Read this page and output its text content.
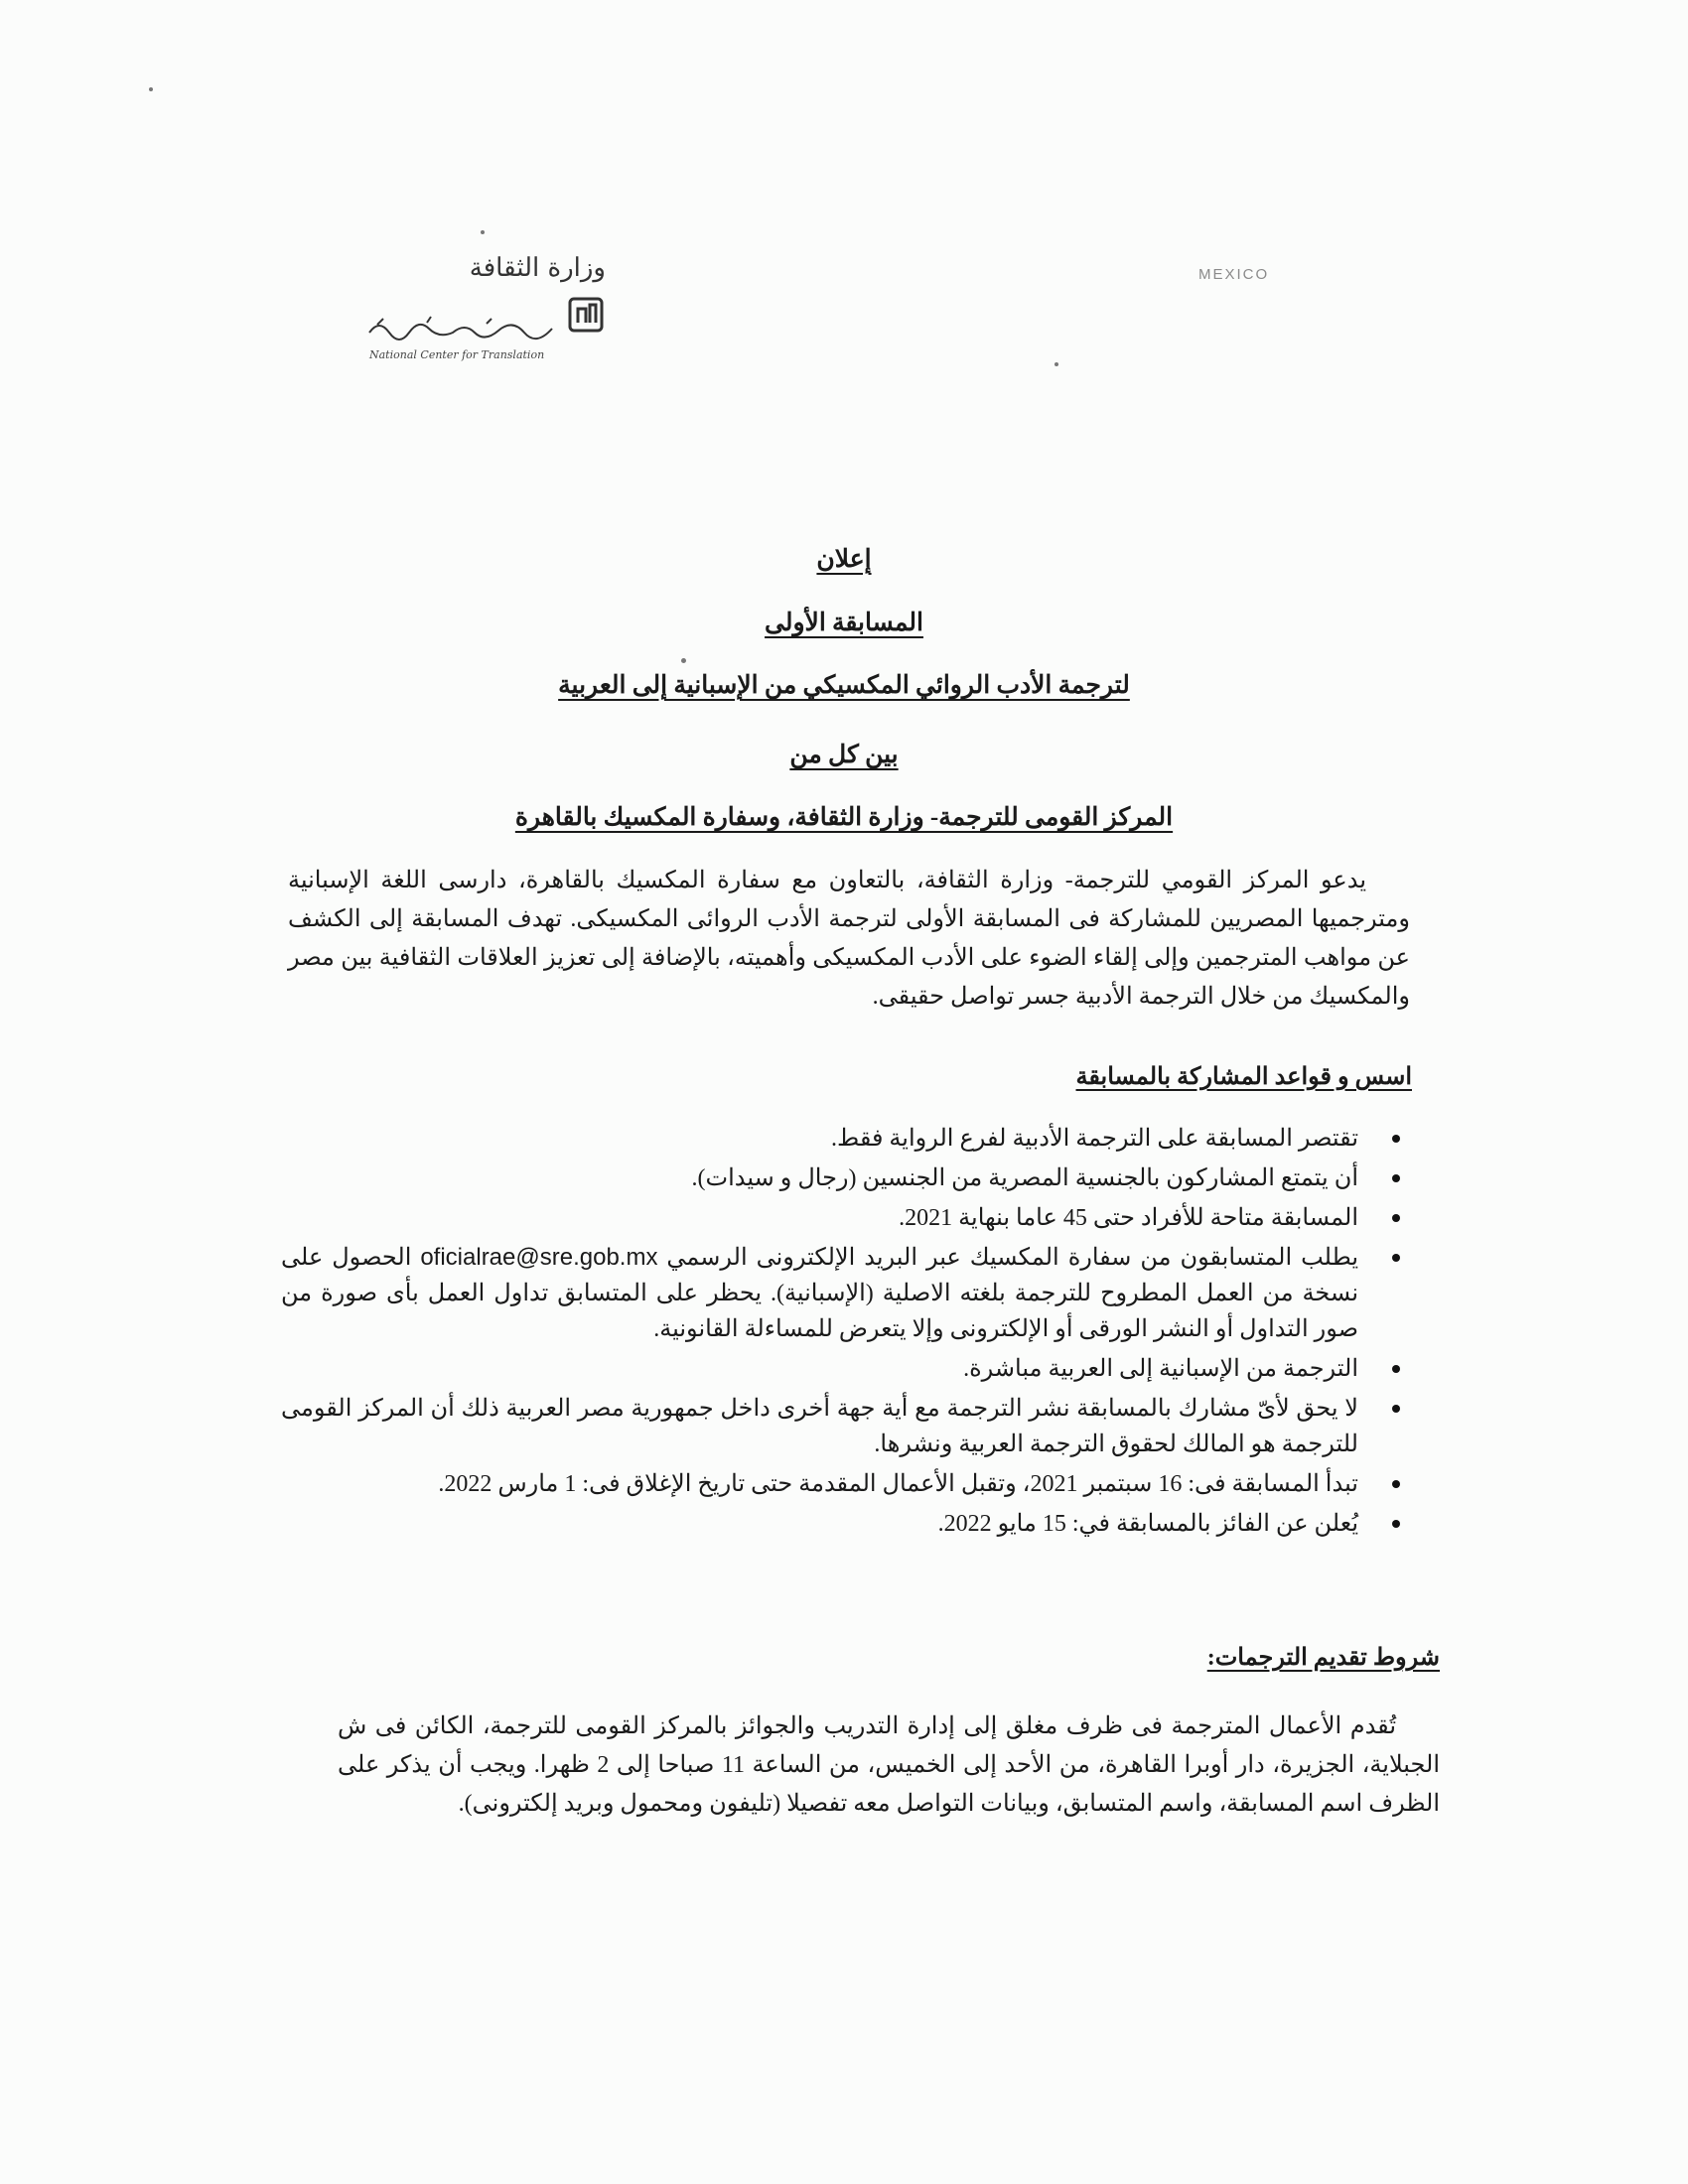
وزارة الثقافة
National Center for Translation
MEXICO
إعلان
المسابقة الأولى
لترجمة الأدب الروائي المكسيكي من الإسبانية إلى العربية
بين كل من
المركز القومى للترجمة- وزارة الثقافة، وسفارة المكسيك بالقاهرة

يدعو المركز القومي للترجمة- وزارة الثقافة، بالتعاون مع سفارة المكسيك بالقاهرة، دارسى اللغة الإسبانية ومترجميها المصريين للمشاركة فى المسابقة الأولى لترجمة الأدب الروائى المكسيكى. تهدف المسابقة إلى الكشف عن مواهب المترجمين وإلى إلقاء الضوء على الأدب المكسيكى وأهميته، بالإضافة إلى تعزيز العلاقات الثقافية بين مصر والمكسيك من خلال الترجمة الأدبية جسر تواصل حقيقى.

اسس و قواعد المشاركة بالمسابقة
تقتصر المسابقة على الترجمة الأدبية لفرع الرواية فقط.
أن يتمتع المشاركون بالجنسية المصرية من الجنسين (رجال و سيدات).
المسابقة متاحة للأفراد حتى 45 عاما بنهاية 2021.
يطلب المتسابقون من سفارة المكسيك عبر البريد الإلكترونى الرسمي oficialrae@sre.gob.mx الحصول على نسخة من العمل المطروح للترجمة بلغته الاصلية (الإسبانية). يحظر على المتسابق تداول العمل بأى صورة من صور التداول أو النشر الورقى أو الإلكترونى وإلا يتعرض للمساءلة القانونية.
الترجمة من الإسبانية إلى العربية مباشرة.
لا يحق لأىّ مشارك بالمسابقة نشر الترجمة مع أية جهة أخرى داخل جمهورية مصر العربية ذلك أن المركز القومى للترجمة هو المالك لحقوق الترجمة العربية ونشرها.
تبدأ المسابقة فى: 16 سبتمبر 2021، وتقبل الأعمال المقدمة حتى تاريخ الإغلاق فى: 1 مارس 2022.
يُعلن عن الفائز بالمسابقة في: 15 مايو 2022.
شروط تقديم الترجمات:

تُقدم الأعمال المترجمة فى ظرف مغلق إلى إدارة التدريب والجوائز بالمركز القومى للترجمة، الكائن فى ش الجبلاية، الجزيرة، دار أوبرا القاهرة، من الأحد إلى الخميس، من الساعة 11 صباحا إلى 2 ظهرا. ويجب أن يذكر على الظرف اسم المسابقة، واسم المتسابق، وبيانات التواصل معه تفصيلا (تليفون ومحمول وبريد إلكترونى).
